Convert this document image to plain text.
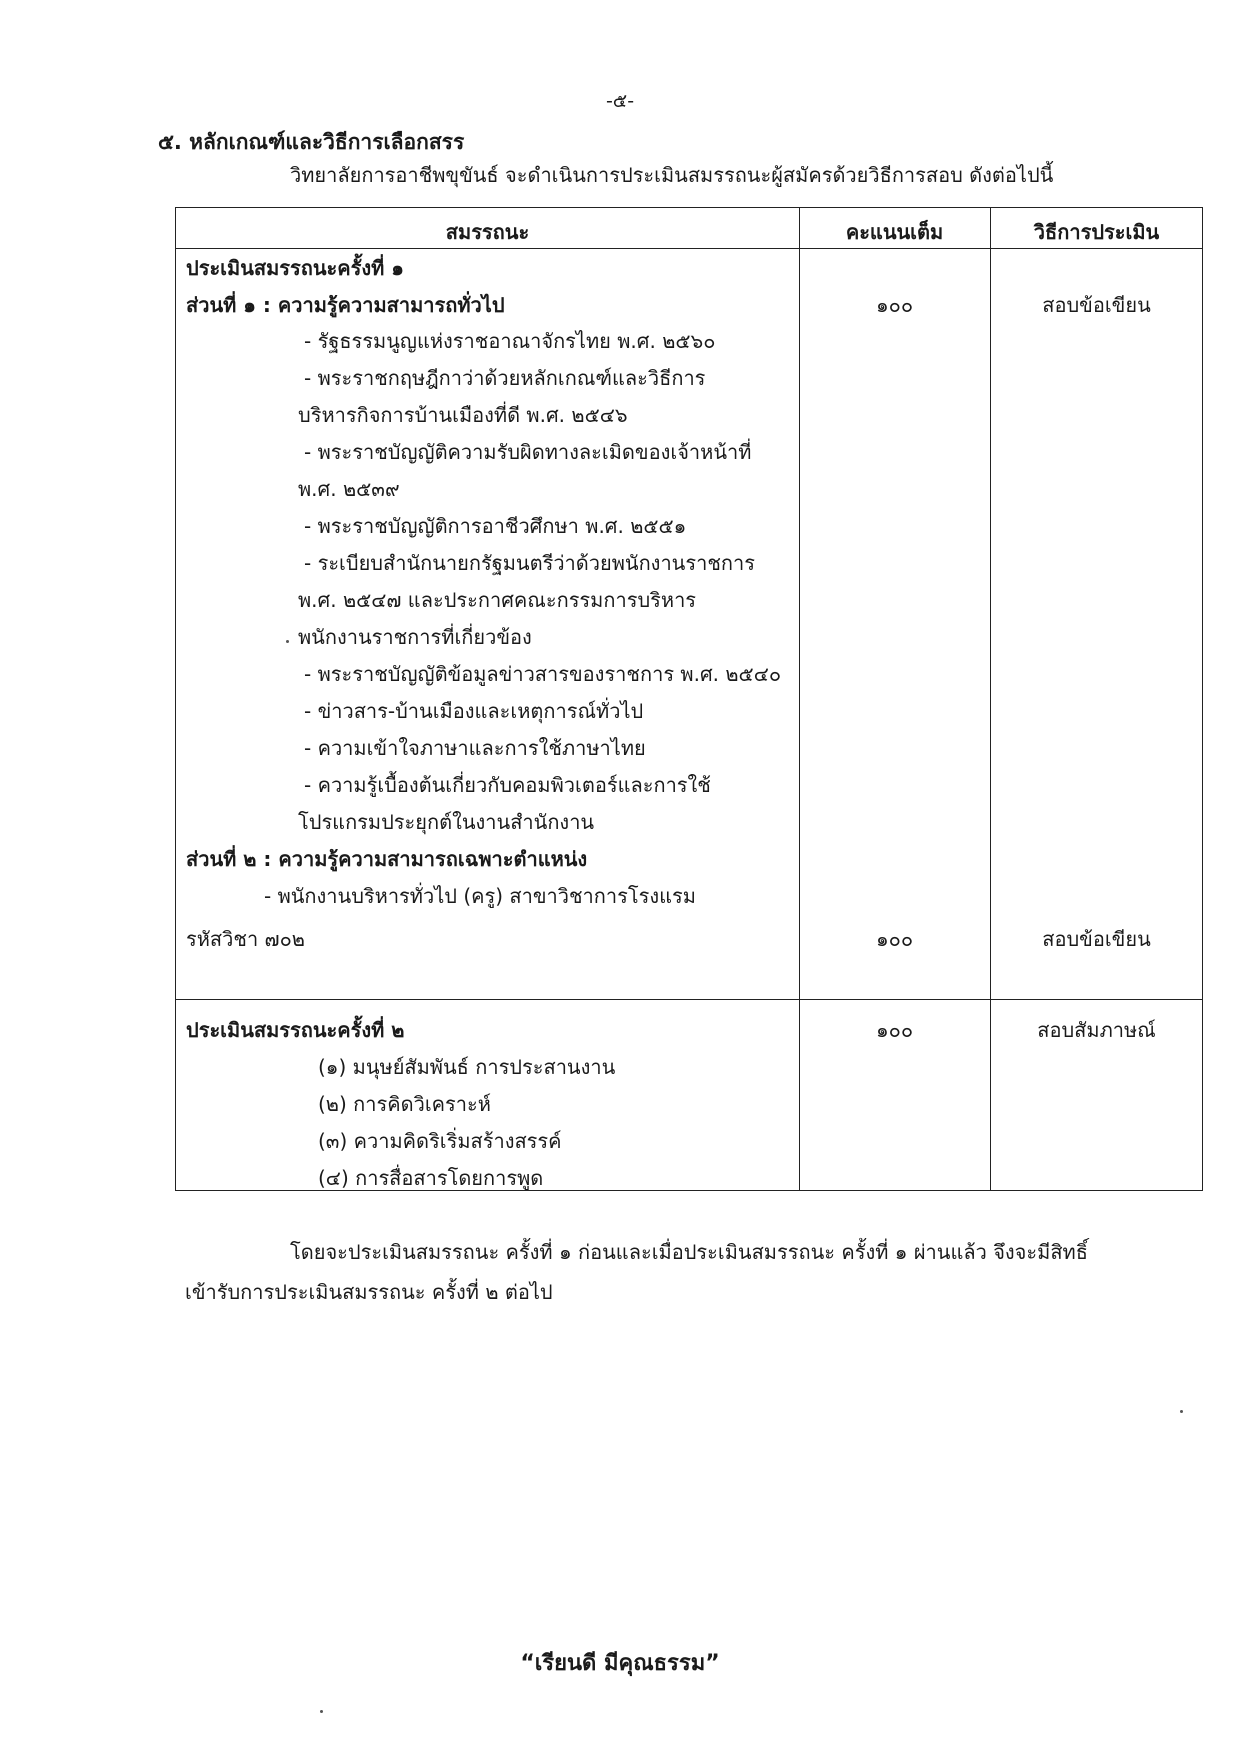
-๕-
๕. หลักเกณฑ์และวิธีการเลือกสรร
วิทยาลัยการอาชีพขุขันธ์ จะดำเนินการประเมินสมรรถนะผู้สมัครด้วยวิธีการสอบ ดังต่อไปนี้
สมรรถนะ	คะแนนเต็ม	วิธีการประเมิน
ประเมินสมรรถนะครั้งที่ ๑
ส่วนที่ ๑ : ความรู้ความสามารถทั่วไป	๑๐๐	สอบข้อเขียน
- รัฐธรรมนูญแห่งราชอาณาจักรไทย พ.ศ. ๒๕๖๐
- พระราชกฤษฎีกาว่าด้วยหลักเกณฑ์และวิธีการ
บริหารกิจการบ้านเมืองที่ดี พ.ศ. ๒๕๔๖
- พระราชบัญญัติความรับผิดทางละเมิดของเจ้าหน้าที่
พ.ศ. ๒๕๓๙
- พระราชบัญญัติการอาชีวศึกษา พ.ศ. ๒๕๕๑
- ระเบียบสำนักนายกรัฐมนตรีว่าด้วยพนักงานราชการ
พ.ศ. ๒๕๔๗ และประกาศคณะกรรมการบริหาร
พนักงานราชการที่เกี่ยวข้อง
- พระราชบัญญัติข้อมูลข่าวสารของราชการ พ.ศ. ๒๕๔๐
- ข่าวสาร-บ้านเมืองและเหตุการณ์ทั่วไป
- ความเข้าใจภาษาและการใช้ภาษาไทย
- ความรู้เบื้องต้นเกี่ยวกับคอมพิวเตอร์และการใช้
โปรแกรมประยุกต์ในงานสำนักงาน
ส่วนที่ ๒ : ความรู้ความสามารถเฉพาะตำแหน่ง
- พนักงานบริหารทั่วไป (ครู) สาขาวิชาการโรงแรม
รหัสวิชา ๗๐๒	๑๐๐	สอบข้อเขียน
ประเมินสมรรถนะครั้งที่ ๒	๑๐๐	สอบสัมภาษณ์
(๑) มนุษย์สัมพันธ์ การประสานงาน
(๒) การคิดวิเคราะห์
(๓) ความคิดริเริ่มสร้างสรรค์
(๔) การสื่อสารโดยการพูด
โดยจะประเมินสมรรถนะ ครั้งที่ ๑ ก่อนและเมื่อประเมินสมรรถนะ ครั้งที่ ๑ ผ่านแล้ว จึงจะมีสิทธิ์
เข้ารับการประเมินสมรรถนะ ครั้งที่ ๒ ต่อไป
“เรียนดี มีคุณธรรม”
